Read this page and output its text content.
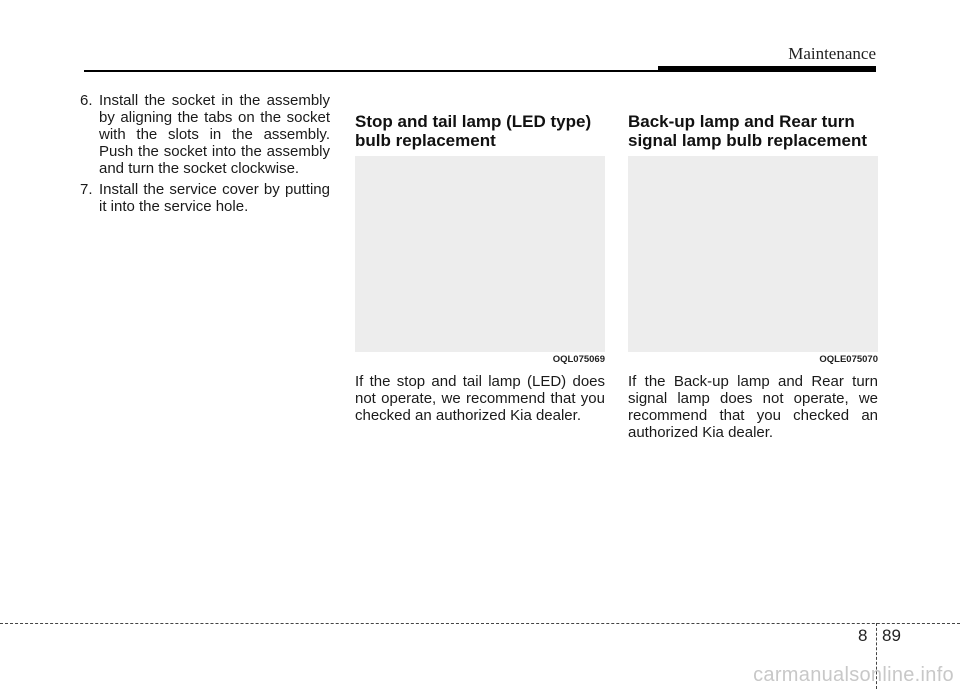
Maintenance
6. Install the socket in the assembly by aligning the tabs on the socket with the slots in the assembly. Push the socket into the assembly and turn the socket clockwise.
7. Install the service cover by putting it into the service hole.
Stop and tail lamp (LED type) bulb replacement
OQL075069
If the stop and tail lamp (LED) does not operate, we recommend that you checked an authorized Kia dealer.
Back-up lamp and Rear turn signal lamp bulb replacement
OQLE075070
If the Back-up lamp and Rear turn signal lamp does not operate, we recommend that you checked an authorized Kia dealer.
8 89
carmanualsonline.info
